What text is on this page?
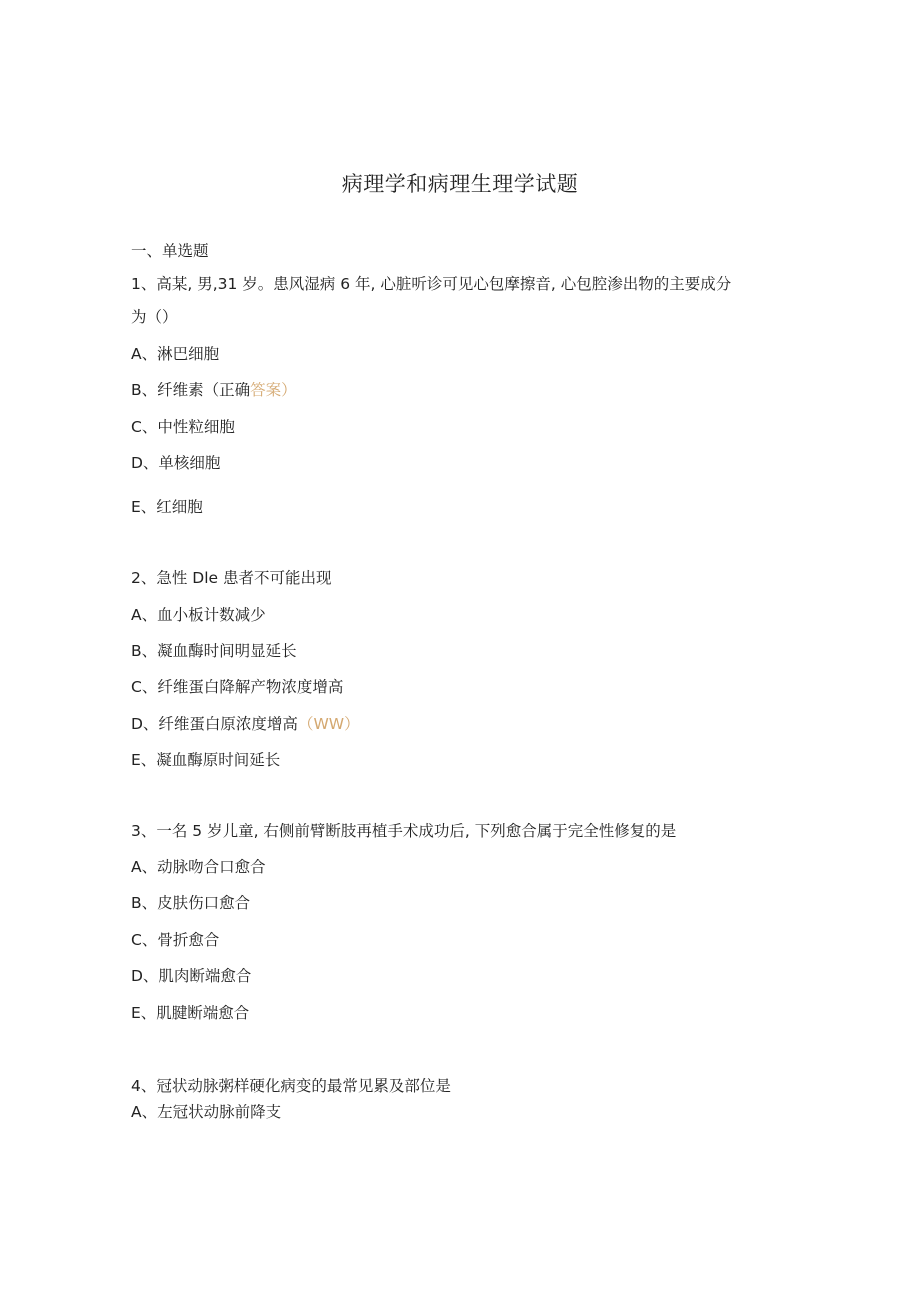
病理学和病理生理学试题
一、单选题
1、高某, 男,31 岁。患风湿病 6 年, 心脏听诊可见心包摩擦音, 心包腔渗出物的主要成分
为（）
A、淋巴细胞
B、纤维素（正确答案）
C、中性粒细胞
D、单核细胞
E、红细胞
2、急性 Dle 患者不可能出现
A、血小板计数减少
B、凝血酶时间明显延长
C、纤维蛋白降解产物浓度增高
D、纤维蛋白原浓度增高（WW）
E、凝血酶原时间延长
3、一名 5 岁儿童, 右侧前臂断肢再植手术成功后, 下列愈合属于完全性修复的是
A、动脉吻合口愈合
B、皮肤伤口愈合
C、骨折愈合
D、肌肉断端愈合
E、肌腱断端愈合
4、冠状动脉粥样硬化病变的最常见累及部位是
A、左冠状动脉前降支
